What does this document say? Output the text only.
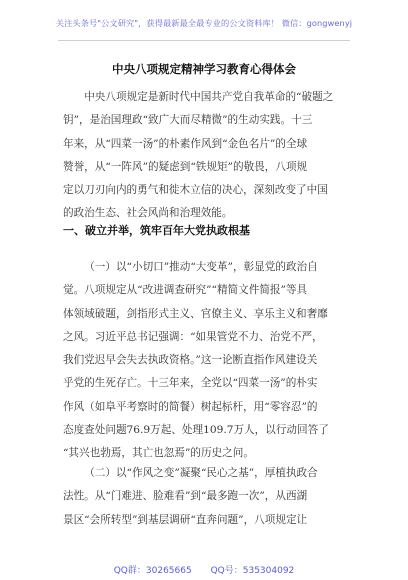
关注头条号"公文研究"，获得最新最全最专业的公文资料库！ 微信：gongwenyj
中央八项规定精神学习教育心得体会

中央八项规定是新时代中国共产党自我革命的“破题之
钥”，是治国理政“致广大而尽精微”的生动实践。十三
年来，从“四菜一汤”的朴素作风到“金色名片”的全球
赞誉，从“一阵风”的疑虑到“铁规矩”的敬畏，八项规
定以刀刃向内的勇气和徙木立信的决心，深刻改变了中国
的政治生态、社会风尚和治理效能。

一、破立并举，筑牢百年大党执政根基

（一）以“小切口”推动“大变革”，彰显党的政治自
觉。八项规定从“改进调查研究”“精简文件简报”等具
体领域破题，剑指形式主义、官僚主义、享乐主义和奢靡
之风。习近平总书记强调：“如果管党不力、治党不严，
我们党迟早会失去执政资格。”这一论断直指作风建设关
乎党的生死存亡。十三年来，全党以“四菜一汤”的朴实
作风（如阜平考察时的简餐）树起标杆，用“零容忍”的
态度查处问题76.9万起、处理109.7万人，以行动回答了
“其兴也勃焉，其亡也忽焉”的历史之问。

（二）以“作风之变”凝聚“民心之基”，厚植执政合
法性。从“门难进、脸难看”到“最多跑一次”，从西湖
景区“会所转型”到基层调研“直奔问题”，八项规定让

QQ群：30265665 QQ号：535304092
